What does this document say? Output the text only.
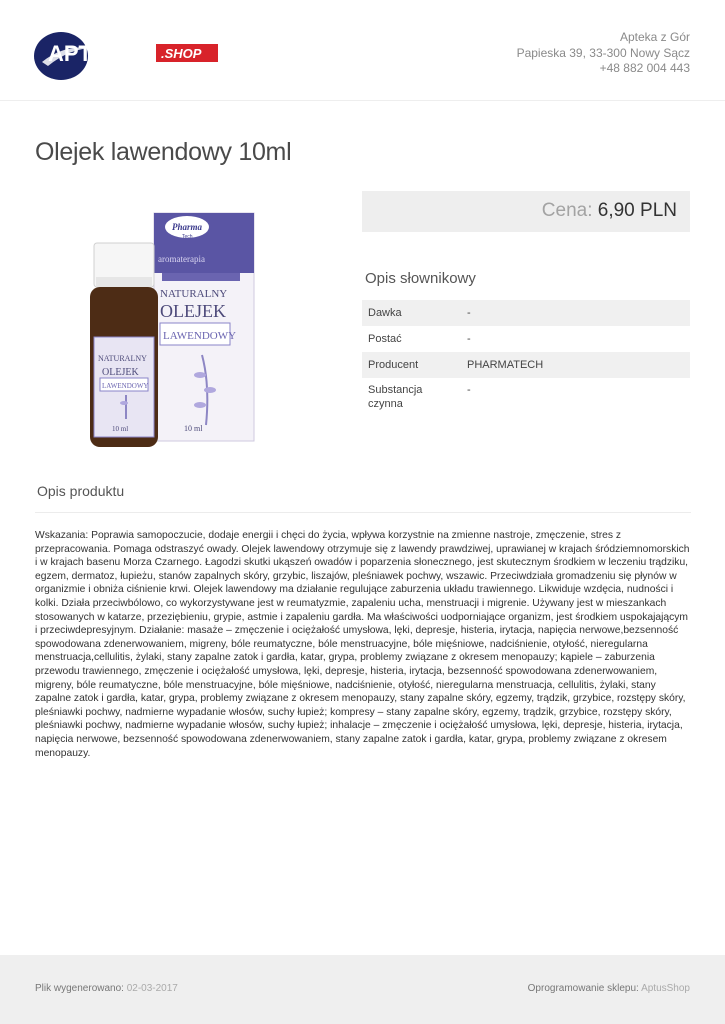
APTUS	.SHOP
Apteka z Gór
Papieska 39, 33-300 Nowy Sącz
+48 882 004 443
Olejek lawendowy 10ml
Pharma
Tech
aromaterapia
NATURALNY
OLEJEK
LAWENDOWY
10 ml
NATURALNY
OLEJEK
LAWENDOWY
10 ml
Cena: 6,90 PLN
Opis słownikowy
Dawka	-
Postać	-
Producent	PHARMATECH
Substancja czynna	-
Opis produktu

Wskazania: Poprawia samopoczucie, dodaje energii i chęci do życia, wpływa korzystnie na zmienne nastroje, zmęczenie, stres z przepracowania. Pomaga odstraszyć owady. Olejek lawendowy otrzymuje się z lawendy prawdziwej, uprawianej w krajach śródziemnomorskich i w krajach basenu Morza Czarnego. Łagodzi skutki ukąszeń owadów i poparzenia słonecznego, jest skutecznym środkiem w leczeniu trądziku, egzem, dermatoz, łupieżu, stanów zapalnych skóry, grzybic, liszajów, pleśniawek pochwy, wszawic. Przeciwdziała gromadzeniu się płynów w organizmie i obniża ciśnienie krwi. Olejek lawendowy ma działanie regulujące zaburzenia układu trawiennego. Likwiduje wzdęcia, nudności i kolki. Działa przeciwbólowo, co wykorzystywane jest w reumatyzmie, zapaleniu ucha, menstruacji i migrenie. Używany jest w mieszankach stosowanych w katarze, przeziębieniu, grypie, astmie i zapaleniu gardła. Ma właściwości uodporniające organizm, jest środkiem uspokajającym i przeciwdepresyjnym. Działanie: masaże – zmęczenie i ociężałość umysłowa, lęki, depresje, histeria, irytacja, napięcia nerwowe,bezsenność spowodowana zdenerwowaniem, migreny, bóle reumatyczne, bóle menstruacyjne, bóle mięśniowe, nadciśnienie, otyłość, nieregularna menstruacja,cellulitis, żylaki, stany zapalne zatok i gardła, katar, grypa, problemy związane z okresem menopauzy; kąpiele – zaburzenia przewodu trawiennego, zmęczenie i ociężałość umysłowa, lęki, depresje, histeria, irytacja, bezsenność spowodowana zdenerwowaniem, migreny, bóle reumatyczne, bóle menstruacyjne, bóle mięśniowe, nadciśnienie, otyłość, nieregularna menstruacja, cellulitis, żylaki, stany zapalne zatok i gardła, katar, grypa, problemy związane z okresem menopauzy, stany zapalne skóry, egzemy, trądzik, grzybice, rozstępy skóry, pleśniawki pochwy, nadmierne wypadanie włosów, suchy łupież; kompresy – stany zapalne skóry, egzemy, trądzik, grzybice, rozstępy skóry, pleśniawki pochwy, nadmierne wypadanie włosów, suchy łupież; inhalacje – zmęczenie i ociężałość umysłowa, lęki, depresje, histeria, irytacja, napięcia nerwowe, bezsenność spowodowana zdenerwowaniem, stany zapalne zatok i gardła, katar, grypa, problemy związane z okresem menopauzy.

Plik wygenerowano: 02-03-2017	Oprogramowanie sklepu: AptusShop
